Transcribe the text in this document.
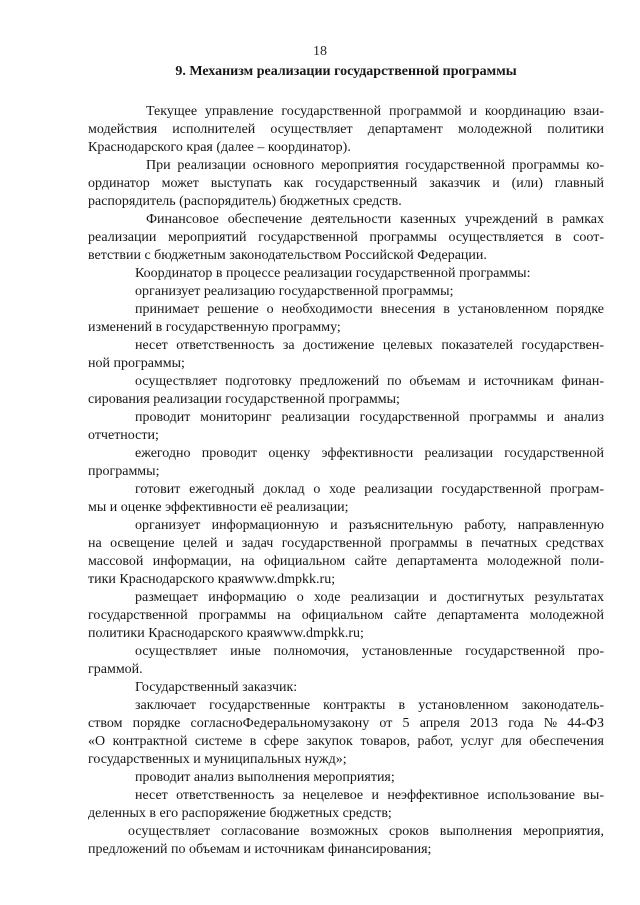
18
9. Механизм реализации государственной программы
Текущее управление государственной программой и координацию взаи-
модействия исполнителей осуществляет департамент молодежной политики
Краснодарского края (далее – координатор).
При реализации основного мероприятия государственной программы ко-
ординатор может выступать как государственный заказчик и (или) главный
распорядитель (распорядитель) бюджетных средств.
Финансовое обеспечение деятельности казенных учреждений в рамках
реализации мероприятий государственной программы осуществляется в соот-
ветствии с бюджетным законодательством Российской Федерации.
Координатор в процессе реализации государственной программы:
организует реализацию государственной программы;
принимает решение о необходимости внесения в установленном порядке
изменений в государственную программу;
несет ответственность за достижение целевых показателей государствен-
ной программы;
осуществляет подготовку предложений по объемам и источникам финан-
сирования реализации государственной программы;
проводит мониторинг реализации государственной программы и анализ
отчетности;
ежегодно проводит оценку эффективности реализации государственной
программы;
готовит ежегодный доклад о ходе реализации государственной програм-
мы и оценке эффективности её реализации;
организует информационную и разъяснительную работу, направленную
на освещение целей и задач государственной программы в печатных средствах
массовой информации, на официальном сайте департамента молодежной поли-
тики Краснодарского краяwww.dmpkk.ru;
размещает информацию о ходе реализации и достигнутых результатах
государственной программы на официальном сайте департамента молодежной
политики Краснодарского краяwww.dmpkk.ru;
осуществляет иные полномочия, установленные государственной про-
граммой.
Государственный заказчик:
заключает государственные контракты в установленном законодатель-
ством порядке согласноФедеральномузакону от 5 апреля 2013 года № 44-ФЗ
«О контрактной системе в сфере закупок товаров, работ, услуг для обеспечения
государственных и муниципальных нужд»;
проводит анализ выполнения мероприятия;
несет ответственность за нецелевое и неэффективное использование вы-
деленных в его распоряжение бюджетных средств;
осуществляет согласование возможных сроков выполнения мероприятия,
предложений по объемам и источникам финансирования;
